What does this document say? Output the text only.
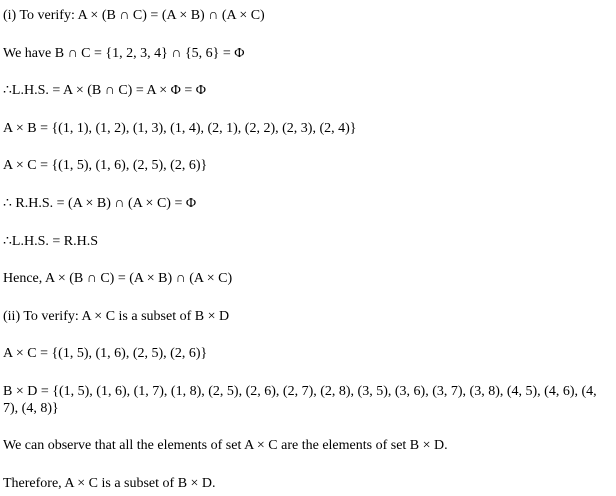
(i) To verify: A × (B ∩ C) = (A × B) ∩ (A × C)
We have B ∩ C = {1, 2, 3, 4} ∩ {5, 6} = Φ
∴L.H.S. = A × (B ∩ C) = A × Φ = Φ
A × B = {(1, 1), (1, 2), (1, 3), (1, 4), (2, 1), (2, 2), (2, 3), (2, 4)}
A × C = {(1, 5), (1, 6), (2, 5), (2, 6)}
∴ R.H.S. = (A × B) ∩ (A × C) = Φ
∴L.H.S. = R.H.S
Hence, A × (B ∩ C) = (A × B) ∩ (A × C)
(ii) To verify: A × C is a subset of B × D
A × C = {(1, 5), (1, 6), (2, 5), (2, 6)}
B × D = {(1, 5), (1, 6), (1, 7), (1, 8), (2, 5), (2, 6), (2, 7), (2, 8), (3, 5), (3, 6), (3, 7), (3, 8), (4, 5), (4, 6), (4, 7), (4, 8)}
We can observe that all the elements of set A × C are the elements of set B × D.
Therefore, A × C is a subset of B × D.
